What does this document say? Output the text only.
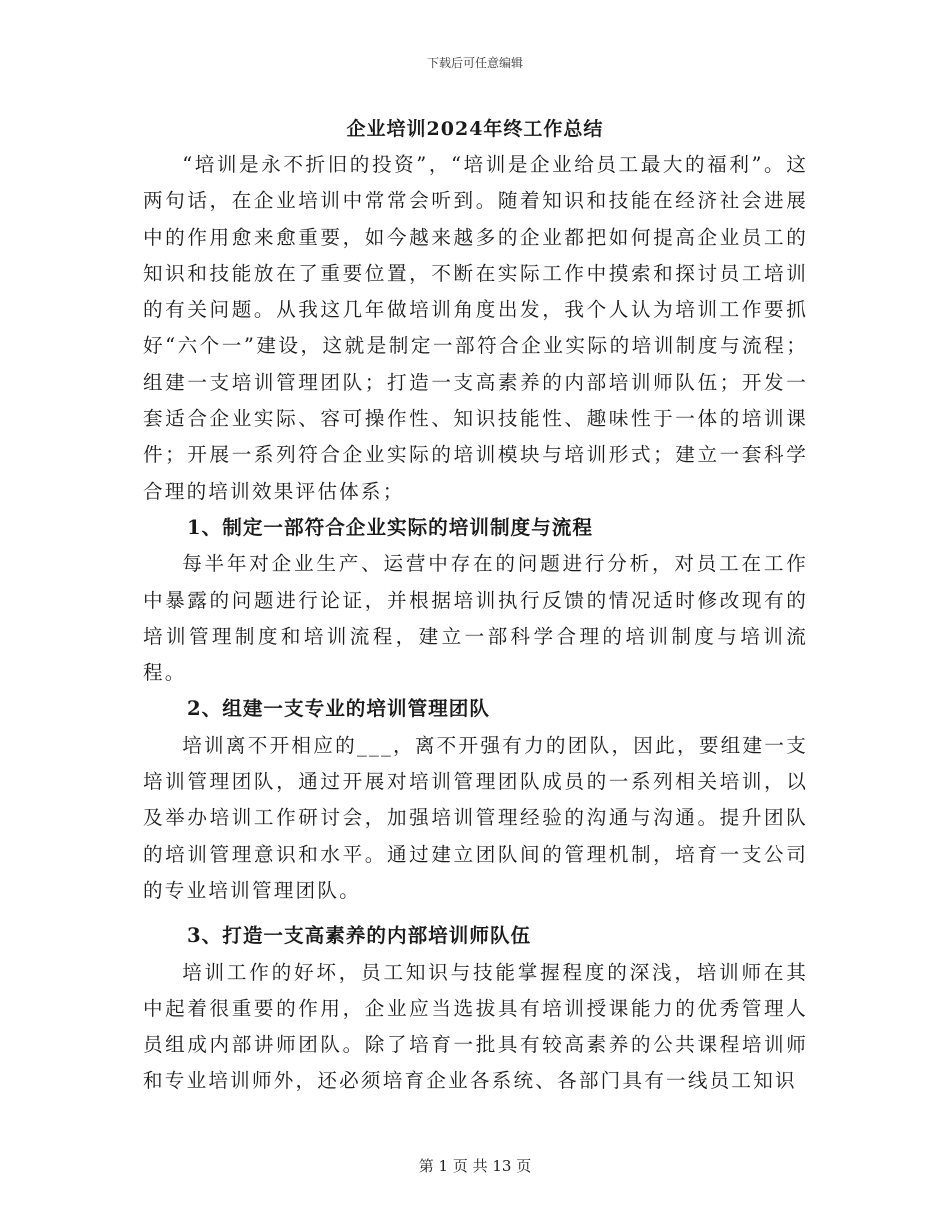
下载后可任意编辑
企业培训2024年终工作总结

“培训是永不折旧的投资”，“培训是企业给员工最大的福利”。这两句话，在企业培训中常常会听到。随着知识和技能在经济社会进展中的作用愈来愈重要，如今越来越多的企业都把如何提高企业员工的知识和技能放在了重要位置，不断在实际工作中摸索和探讨员工培训的有关问题。从我这几年做培训角度出发，我个人认为培训工作要抓好“六个一”建设，这就是制定一部符合企业实际的培训制度与流程；组建一支培训管理团队；打造一支高素养的内部培训师队伍；开发一套适合企业实际、容可操作性、知识技能性、趣味性于一体的培训课件；开展一系列符合企业实际的培训模块与培训形式；建立一套科学合理的培训效果评估体系；

1、制定一部符合企业实际的培训制度与流程

每半年对企业生产、运营中存在的问题进行分析，对员工在工作中暴露的问题进行论证，并根据培训执行反馈的情况适时修改现有的培训管理制度和培训流程，建立一部科学合理的培训制度与培训流程。

2、组建一支专业的培训管理团队

培训离不开相应的___，离不开强有力的团队，因此，要组建一支培训管理团队，通过开展对培训管理团队成员的一系列相关培训，以及举办培训工作研讨会，加强培训管理经验的沟通与沟通。提升团队的培训管理意识和水平。通过建立团队间的管理机制，培育一支公司的专业培训管理团队。

3、打造一支高素养的内部培训师队伍

培训工作的好坏，员工知识与技能掌握程度的深浅，培训师在其中起着很重要的作用，企业应当选拔具有培训授课能力的优秀管理人员组成内部讲师团队。除了培育一批具有较高素养的公共课程培训师和专业培训师外，还必须培育企业各系统、各部门具有一线员工知识

第 1 页 共 13 页
